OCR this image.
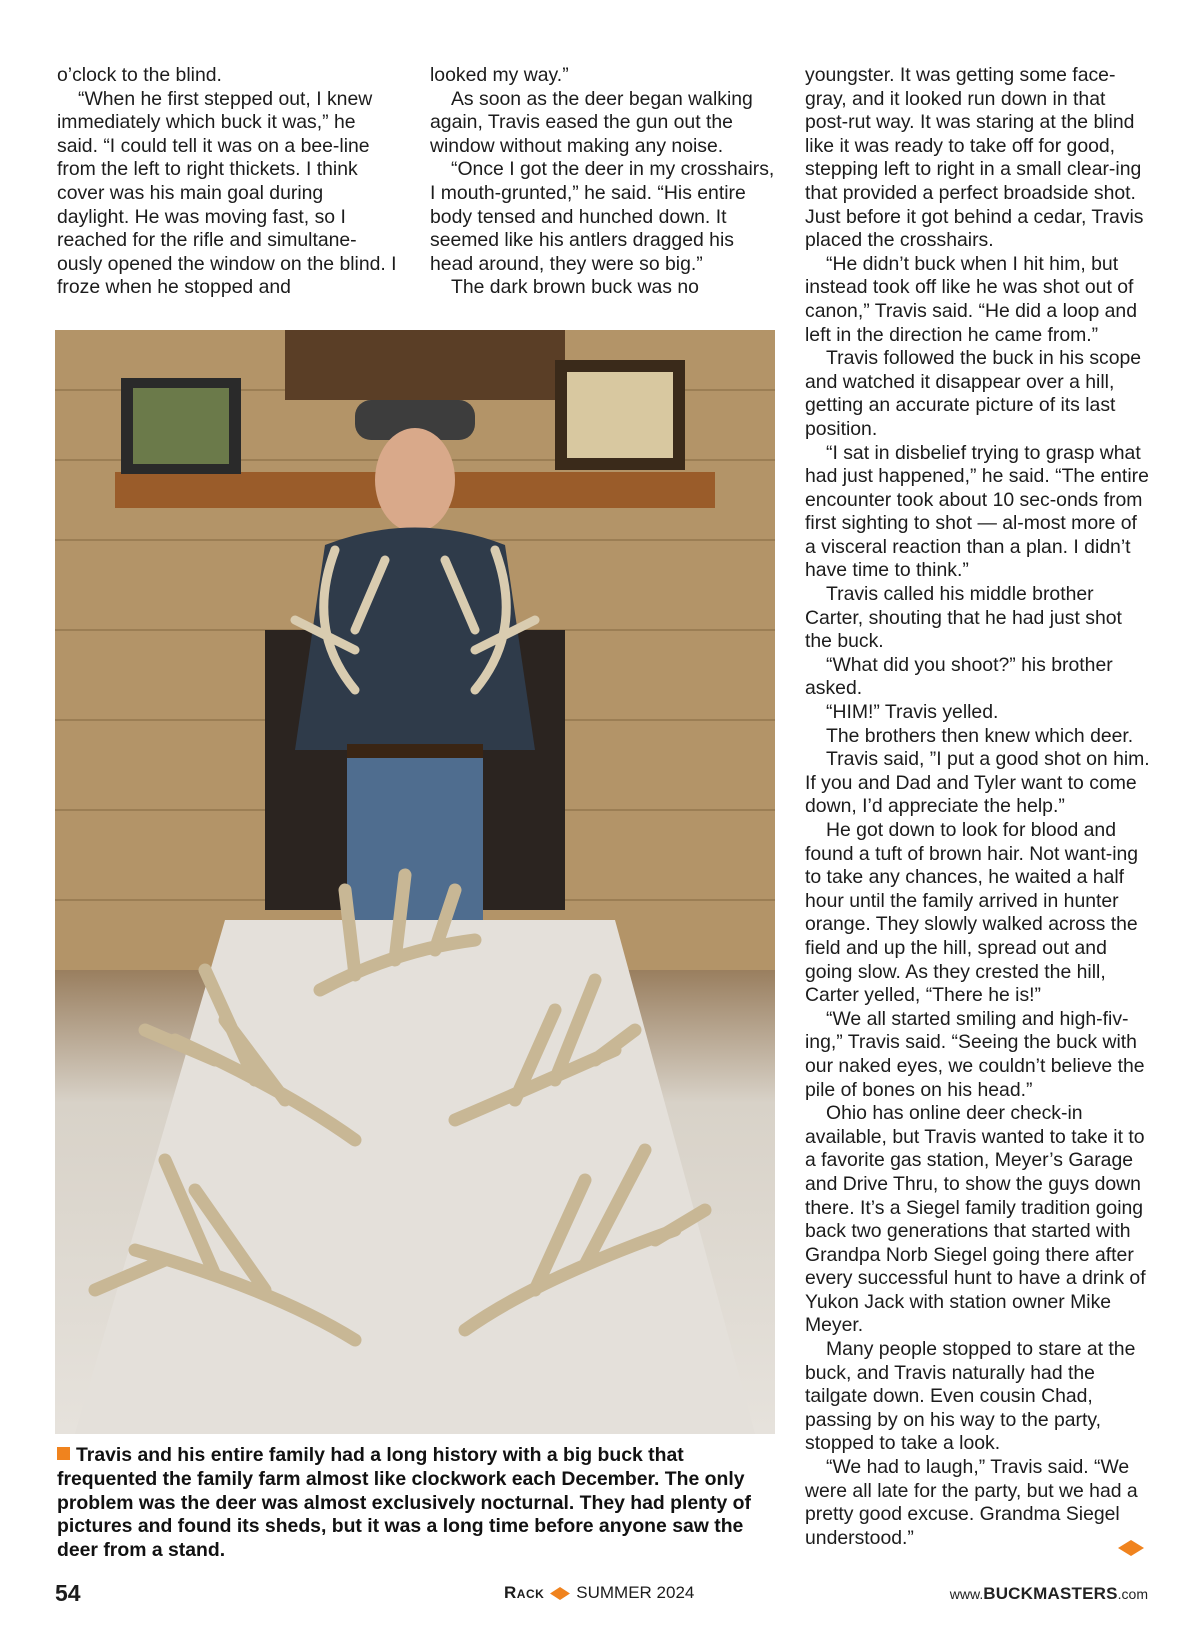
o’clock to the blind.

“When he first stepped out, I knew immediately which buck it was,” he said. “I could tell it was on a bee-line from the left to right thickets. I think cover was his main goal during daylight. He was moving fast, so I reached for the rifle and simultane-ously opened the window on the blind. I froze when he stopped and

looked my way.”

As soon as the deer began walking again, Travis eased the gun out the window without making any noise.

“Once I got the deer in my crosshairs, I mouth-grunted,” he said. “His entire body tensed and hunched down. It seemed like his antlers dragged his head around, they were so big.”

The dark brown buck was no

youngster. It was getting some face-gray, and it looked run down in that post-rut way. It was staring at the blind like it was ready to take off for good, stepping left to right in a small clear-ing that provided a perfect broadside shot. Just before it got behind a cedar, Travis placed the crosshairs.

“He didn’t buck when I hit him, but instead took off like he was shot out of canon,” Travis said. “He did a loop and left in the direction he came from.”

Travis followed the buck in his scope and watched it disappear over a hill, getting an accurate picture of its last position.

“I sat in disbelief trying to grasp what had just happened,” he said. “The entire encounter took about 10 sec-onds from first sighting to shot — al-most more of a visceral reaction than a plan. I didn’t have time to think.”

Travis called his middle brother Carter, shouting that he had just shot the buck.

“What did you shoot?” his brother asked.

“HIM!” Travis yelled.

The brothers then knew which deer.

Travis said, ”I put a good shot on him. If you and Dad and Tyler want to come down, I’d appreciate the help.”

He got down to look for blood and found a tuft of brown hair. Not want-ing to take any chances, he waited a half hour until the family arrived in hunter orange. They slowly walked across the field and up the hill, spread out and going slow. As they crested the hill, Carter yelled, “There he is!”

“We all started smiling and high-fiv-ing,” Travis said. “Seeing the buck with our naked eyes, we couldn’t believe the pile of bones on his head.”

Ohio has online deer check-in available, but Travis wanted to take it to a favorite gas station, Meyer’s Garage and Drive Thru, to show the guys down there. It’s a Siegel family tradition going back two generations that started with Grandpa Norb Siegel going there after every successful hunt to have a drink of Yukon Jack with station owner Mike Meyer.

Many people stopped to stare at the buck, and Travis naturally had the tailgate down. Even cousin Chad, passing by on his way to the party, stopped to take a look.

“We had to laugh,” Travis said. “We were all late for the party, but we had a pretty good excuse. Grandma Siegel understood.”

Travis and his entire family had a long history with a big buck that frequented the family farm almost like clockwork each December. The only problem was the deer was almost exclusively nocturnal. They had plenty of pictures and found its sheds, but it was a long time before anyone saw the deer from a stand.
54	Rack SUMMER 2024	www.BUCKMASTERS.com
